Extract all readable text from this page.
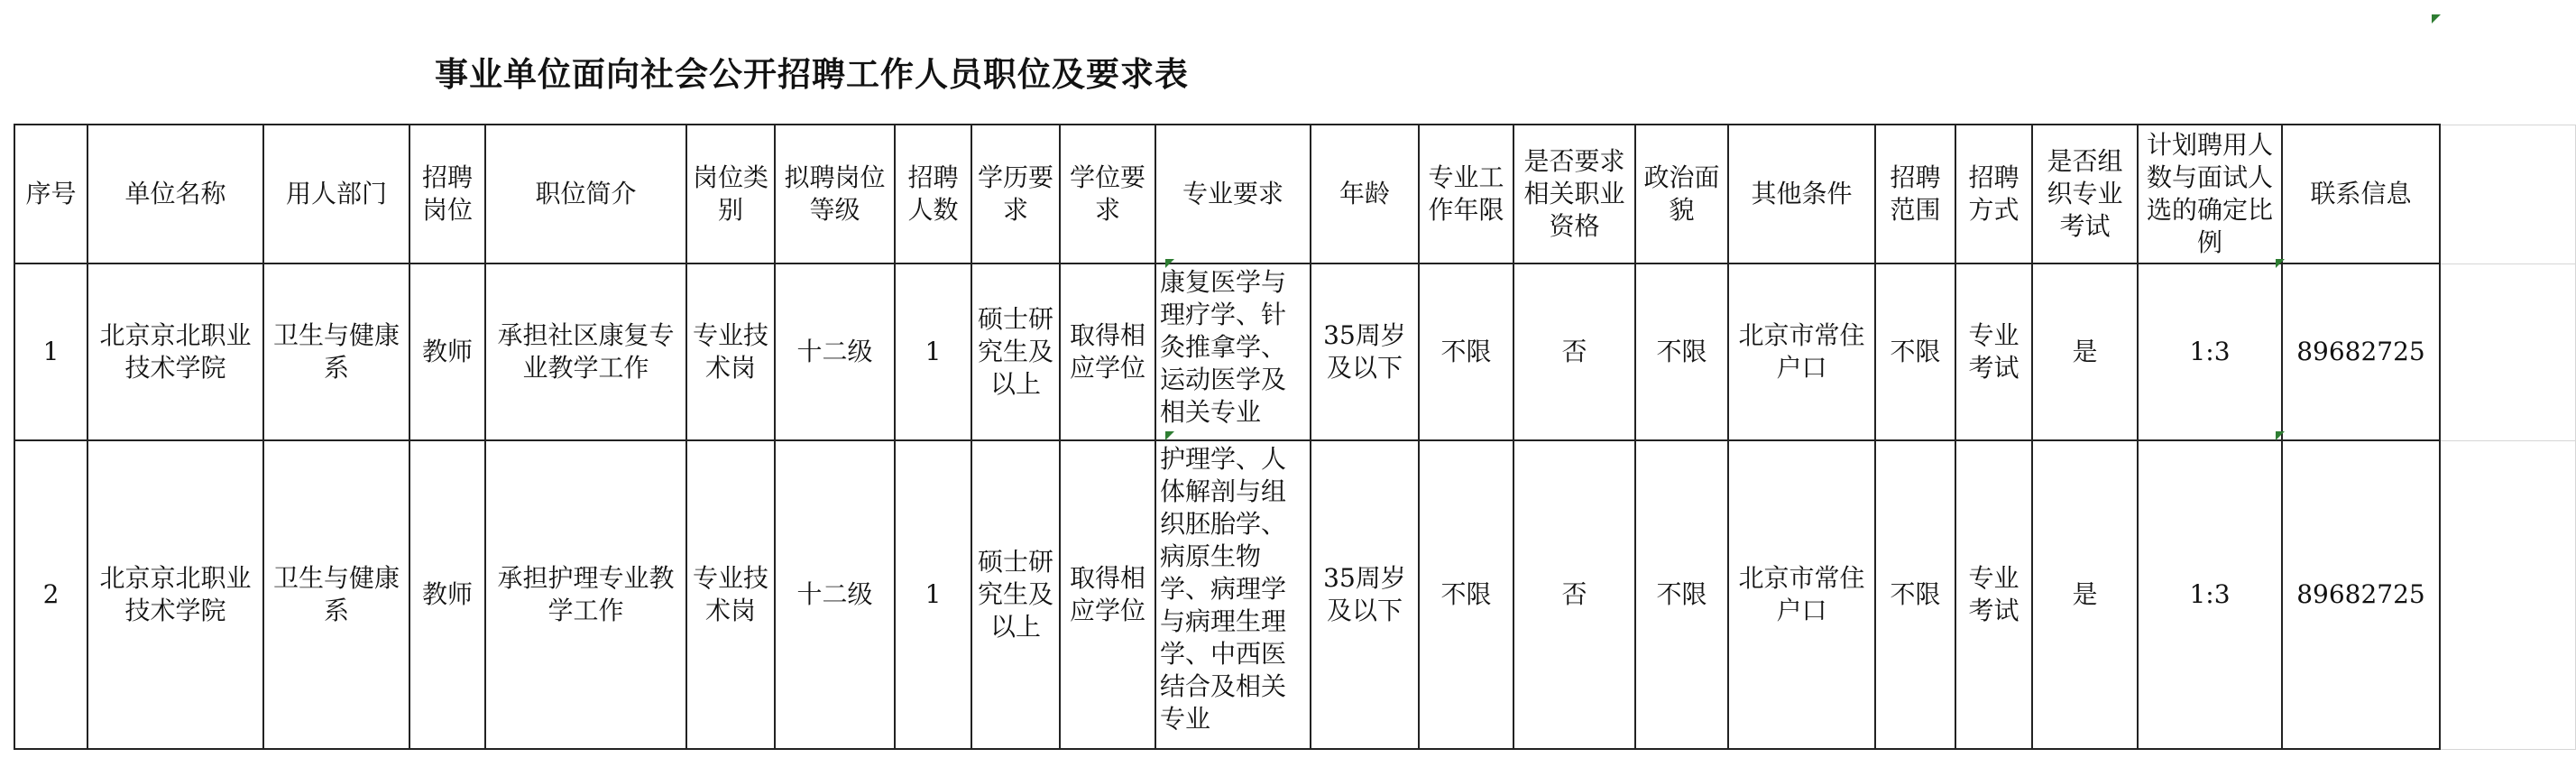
事业单位面向社会公开招聘工作人员职位及要求表
序号	单位名称	用人部门	招聘岗位	职位简介	岗位类别	拟聘岗位等级	招聘人数	学历要求	学位要求	专业要求	年龄	专业工作年限	是否要求相关职业资格	政治面貌	其他条件	招聘范围	招聘方式	是否组织专业考试	计划聘用人数与面试人选的确定比例	联系信息	
1	北京京北职业技术学院	卫生与健康系	教师	承担社区康复专业教学工作	专业技术岗	十二级	1	硕士研究生及以上	取得相应学位	康复医学与理疗学、针灸推拿学、运动医学及相关专业	35周岁及以下	不限	否	不限	北京市常住户口	不限	专业考试	是	1:3	89682725	
2	北京京北职业技术学院	卫生与健康系	教师	承担护理专业教学工作	专业技术岗	十二级	1	硕士研究生及以上	取得相应学位	护理学、人体解剖与组织胚胎学、病原生物学、病理学与病理生理学、中西医结合及相关专业	35周岁及以下	不限	否	不限	北京市常住户口	不限	专业考试	是	1:3	89682725	
